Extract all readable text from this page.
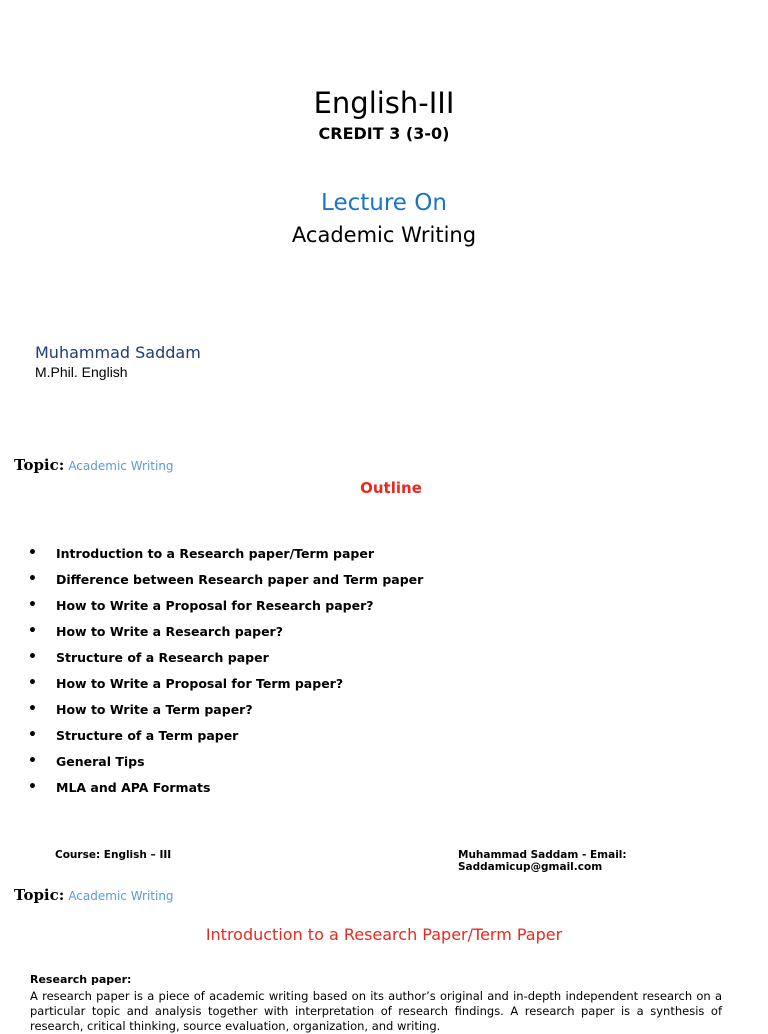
English-III
CREDIT 3 (3-0)
Lecture On
Academic Writing
Muhammad Saddam
M.Phil. English
Topic: Academic Writing
Outline
•	Introduction to a Research paper/Term paper
•	Difference between Research paper and Term paper
•	How to Write a Proposal for Research paper?
•	How to Write a Research paper?
•	Structure of a Research paper
•	How to Write a Proposal for Term paper?
•	How to Write a Term paper?
•	Structure of a Term paper
•	General Tips
•	MLA and APA Formats
Course: English – III	Muhammad Saddam - Email: Saddamicup@gmail.com
Topic: Academic Writing
Introduction to a Research Paper/Term Paper
Research paper:
A research paper is a piece of academic writing based on its author’s original and in-depth independent research on a particular topic and analysis together with interpretation of research findings. A research paper is a synthesis of research, critical thinking, source evaluation, organization, and writing.
